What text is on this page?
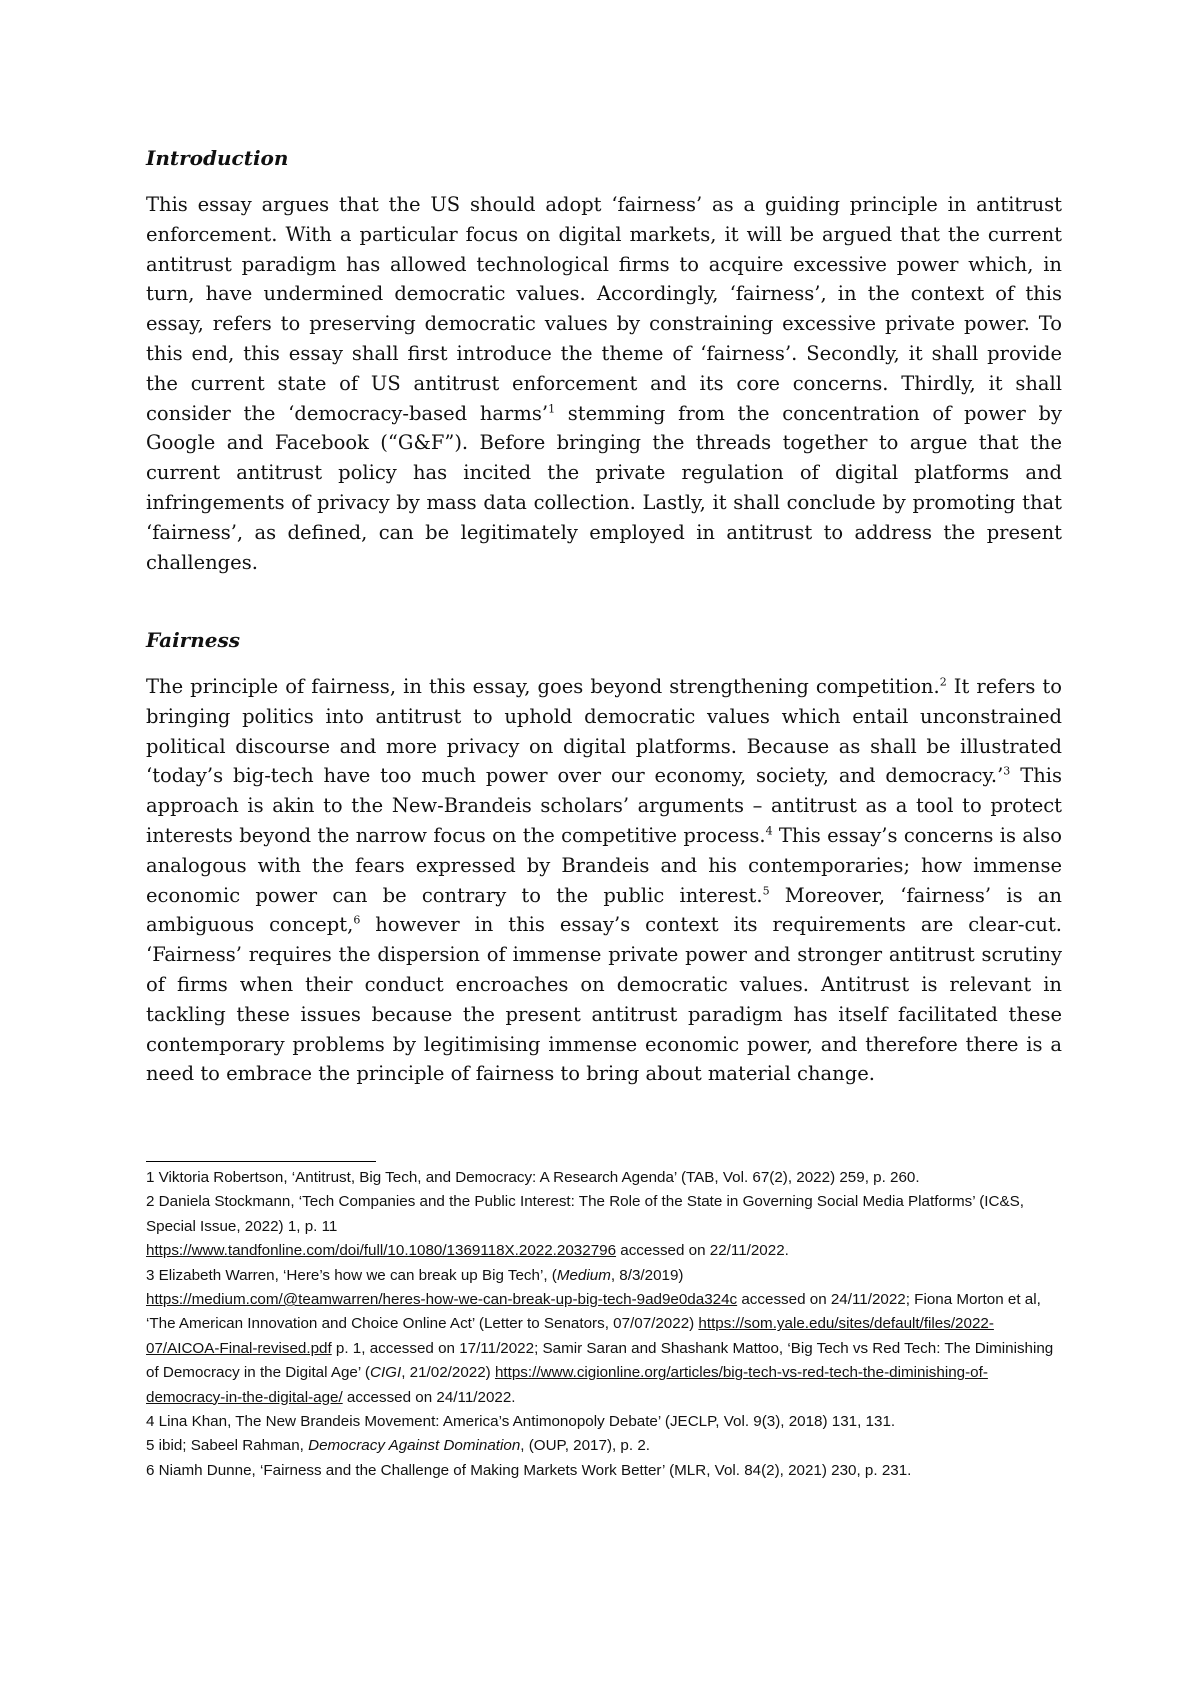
Introduction

This essay argues that the US should adopt ‘fairness’ as a guiding principle in antitrust enforcement. With a particular focus on digital markets, it will be argued that the current antitrust paradigm has allowed technological firms to acquire excessive power which, in turn, have undermined democratic values. Accordingly, ‘fairness’, in the context of this essay, refers to preserving democratic values by constraining excessive private power. To this end, this essay shall first introduce the theme of ‘fairness’. Secondly, it shall provide the current state of US antitrust enforcement and its core concerns. Thirdly, it shall consider the ‘democracy-based harms’$^1$ stemming from the concentration of power by Google and Facebook (“G&F”). Before bringing the threads together to argue that the current antitrust policy has incited the private regulation of digital platforms and infringements of privacy by mass data collection. Lastly, it shall conclude by promoting that ‘fairness’, as defined, can be legitimately employed in antitrust to address the present challenges.

Fairness

The principle of fairness, in this essay, goes beyond strengthening competition.$^2$ It refers to bringing politics into antitrust to uphold democratic values which entail unconstrained political discourse and more privacy on digital platforms. Because as shall be illustrated ‘today’s big-tech have too much power over our economy, society, and democracy.’$^3$ This approach is akin to the New-Brandeis scholars’ arguments – antitrust as a tool to protect interests beyond the narrow focus on the competitive process.$^4$ This essay’s concerns is also analogous with the fears expressed by Brandeis and his contemporaries; how immense economic power can be contrary to the public interest.$^5$ Moreover, ‘fairness’ is an ambiguous concept,$^6$ however in this essay’s context its requirements are clear-cut. ‘Fairness’ requires the dispersion of immense private power and stronger antitrust scrutiny of firms when their conduct encroaches on democratic values. Antitrust is relevant in tackling these issues because the present antitrust paradigm has itself facilitated these contemporary problems by legitimising immense economic power, and therefore there is a need to embrace the principle of fairness to bring about material change.

1 Viktoria Robertson, ‘Antitrust, Big Tech, and Democracy: A Research Agenda’ (TAB, Vol. 67(2), 2022) 259, p. 260.

2 Daniela Stockmann, ‘Tech Companies and the Public Interest: The Role of the State in Governing Social Media Platforms’ (IC&S, Special Issue, 2022) 1, p. 11
https://www.tandfonline.com/doi/full/10.1080/1369118X.2022.2032796 accessed on 22/11/2022.

3 Elizabeth Warren, ‘Here’s how we can break up Big Tech’, (Medium, 8/3/2019)
https://medium.com/@teamwarren/heres-how-we-can-break-up-big-tech-9ad9e0da324c accessed on 24/11/2022; Fiona Morton et al, ‘The American Innovation and Choice Online Act’ (Letter to Senators, 07/07/2022) https://som.yale.edu/sites/default/files/2022-07/AICOA-Final-revised.pdf p. 1, accessed on 17/11/2022; Samir Saran and Shashank Mattoo, ‘Big Tech vs Red Tech: The Diminishing of Democracy in the Digital Age’ (CIGI, 21/02/2022) https://www.cigionline.org/articles/big-tech-vs-red-tech-the-diminishing-of-democracy-in-the-digital-age/ accessed on 24/11/2022.

4 Lina Khan, The New Brandeis Movement: America’s Antimonopoly Debate’ (JECLP, Vol. 9(3), 2018) 131, 131.

5 ibid; Sabeel Rahman, Democracy Against Domination, (OUP, 2017), p. 2.

6 Niamh Dunne, ‘Fairness and the Challenge of Making Markets Work Better’ (MLR, Vol. 84(2), 2021) 230, p. 231.
